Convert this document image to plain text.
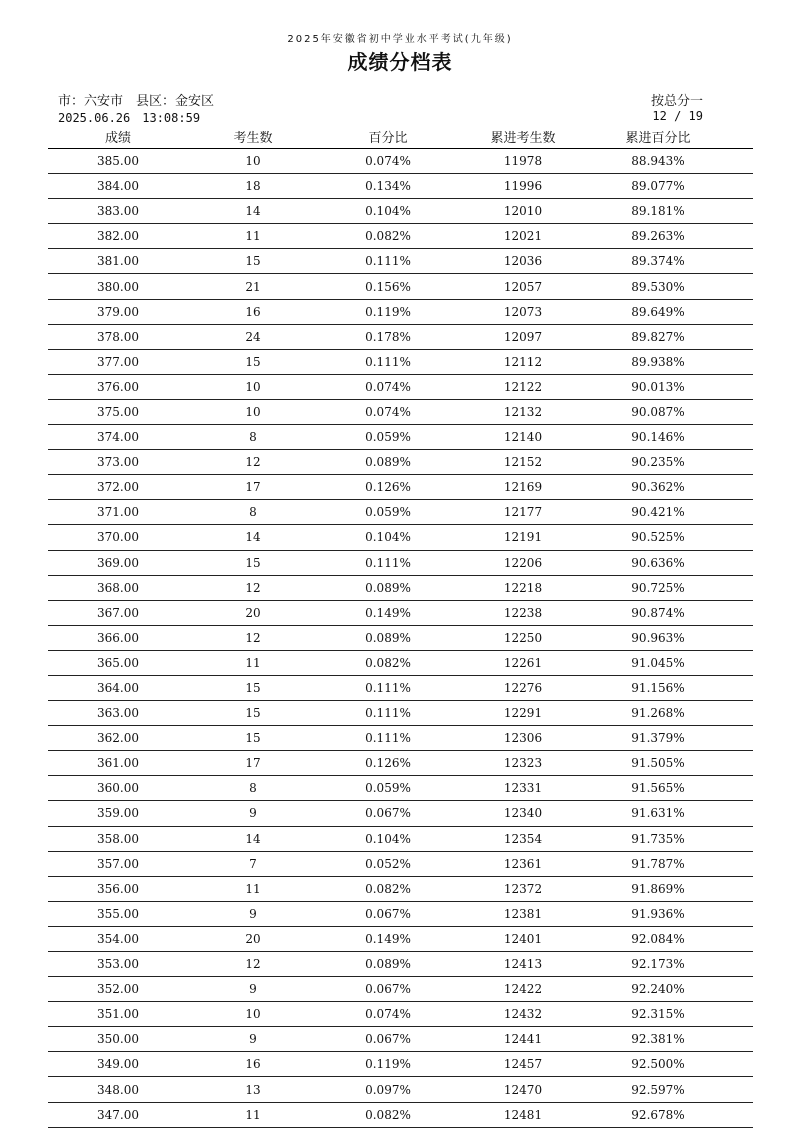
2025年安徽省初中学业水平考试(九年级)
成绩分档表
市：六安市　县区：金安区	按总分一
2025.06.26　13:08:59	12 / 19
成绩	考生数	百分比	累进考生数	累进百分比
385.00	10	0.074%	11978	88.943%
384.00	18	0.134%	11996	89.077%
383.00	14	0.104%	12010	89.181%
382.00	11	0.082%	12021	89.263%
381.00	15	0.111%	12036	89.374%
380.00	21	0.156%	12057	89.530%
379.00	16	0.119%	12073	89.649%
378.00	24	0.178%	12097	89.827%
377.00	15	0.111%	12112	89.938%
376.00	10	0.074%	12122	90.013%
375.00	10	0.074%	12132	90.087%
374.00	8	0.059%	12140	90.146%
373.00	12	0.089%	12152	90.235%
372.00	17	0.126%	12169	90.362%
371.00	8	0.059%	12177	90.421%
370.00	14	0.104%	12191	90.525%
369.00	15	0.111%	12206	90.636%
368.00	12	0.089%	12218	90.725%
367.00	20	0.149%	12238	90.874%
366.00	12	0.089%	12250	90.963%
365.00	11	0.082%	12261	91.045%
364.00	15	0.111%	12276	91.156%
363.00	15	0.111%	12291	91.268%
362.00	15	0.111%	12306	91.379%
361.00	17	0.126%	12323	91.505%
360.00	8	0.059%	12331	91.565%
359.00	9	0.067%	12340	91.631%
358.00	14	0.104%	12354	91.735%
357.00	7	0.052%	12361	91.787%
356.00	11	0.082%	12372	91.869%
355.00	9	0.067%	12381	91.936%
354.00	20	0.149%	12401	92.084%
353.00	12	0.089%	12413	92.173%
352.00	9	0.067%	12422	92.240%
351.00	10	0.074%	12432	92.315%
350.00	9	0.067%	12441	92.381%
349.00	16	0.119%	12457	92.500%
348.00	13	0.097%	12470	92.597%
347.00	11	0.082%	12481	92.678%
